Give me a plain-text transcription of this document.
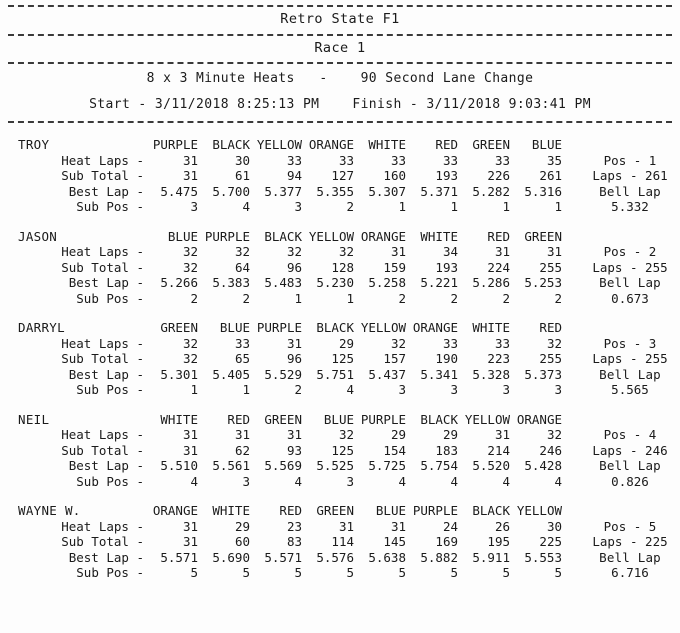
Retro State F1
Race 1
8 x 3 Minute Heats   -    90 Second Lane Change
Start - 3/11/2018 8:25:13 PM	Finish - 3/11/2018 9:03:41 PM
TROY	PURPLE BLACK YELLOW ORANGE WHITE RED GREEN BLUE
Heat Laps -	31	30	33	33	33	33	33	35	Pos - 1
Sub Total -	31	61	94 127 160 193 226 261 Laps - 261
Best Lap - 5.475 5.700 5.377 5.355 5.307 5.371 5.282 5.316	Bell Lap
Sub Pos -	3	4	3	2	1	1	1	1	5.332
JASON	BLUE PURPLE BLACK YELLOW ORANGE WHITE RED GREEN
Heat Laps -	32	32	32	32	31	34	31	31	Pos - 2
Sub Total -	32	64	96 128 159 193 224 255 Laps - 255
Best Lap - 5.266 5.383 5.483 5.230 5.258 5.221 5.286 5.253	Bell Lap
Sub Pos -	2	2	1	1	2	2	2	2	0.673
DARRYL	GREEN BLUE PURPLE BLACK YELLOW ORANGE WHITE RED
Heat Laps -	32	33	31	29	32	33	33	32	Pos - 3
Sub Total -	32	65	96 125 157 190 223 255 Laps - 255
Best Lap - 5.301 5.405 5.529 5.751 5.437 5.341 5.328 5.373	Bell Lap
Sub Pos -	1	1	2	4	3	3	3	3	5.565
NEIL	WHITE RED GREEN BLUE PURPLE BLACK YELLOW ORANGE
Heat Laps -	31	31	31	32	29	29	31	32	Pos - 4
Sub Total -	31	62	93 125 154 183 214 246 Laps - 246
Best Lap - 5.510 5.561 5.569 5.525 5.725 5.754 5.520 5.428	Bell Lap
Sub Pos -	4	3	4	3	4	4	4	4	0.826
WAYNE W.	ORANGE WHITE RED GREEN BLUE PURPLE BLACK YELLOW
Heat Laps -	31	29	23	31	31	24	26	30	Pos - 5
Sub Total -	31	60	83 114 145 169 195 225 Laps - 225
Best Lap - 5.571 5.690 5.571 5.576 5.638 5.882 5.911 5.553	Bell Lap
Sub Pos -	5	5	5	5	5	5	5	5	6.716
